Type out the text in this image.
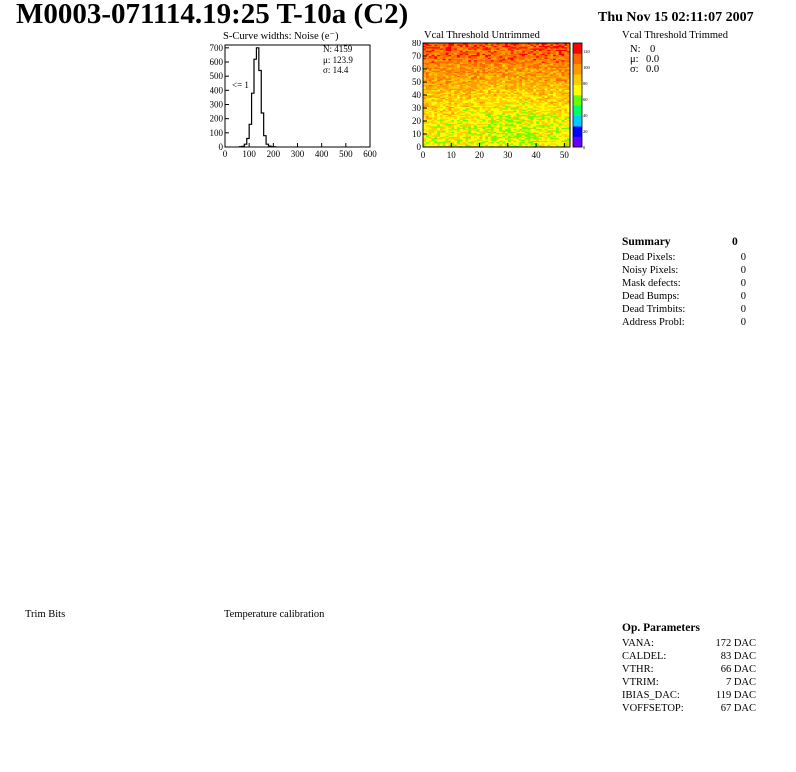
M0003-071114.19:25 T-10a (C2)	Thu Nov 15 02:11:07 2007
S-Curve widths: Noise (e⁻)
0 100 200 300 400 500 600
0
100
200
300
400
500
600
700	N: 4159
μ: 123.9
σ: 14.4
<= 1
Vcal Threshold Untrimmed
0 10 20 30 40 50
0
10
20
30
40
50
60
70
80
120
100
80
60
40
20
0
Vcal Threshold Trimmed
N: 0
μ: 0.0
σ: 0.0
Summary	0
Dead Pixels:	0
Noisy Pixels:	0
Mask defects:	0
Dead Bumps:	0
Dead Trimbits:	0
Address Probl:	0
Trim Bits	Temperature calibration
Op. Parameters
VANA:	172 DAC
CALDEL:	83 DAC
VTHR:	66 DAC
VTRIM:	7 DAC
IBIAS_DAC:	119 DAC
VOFFSETOP:	67 DAC
